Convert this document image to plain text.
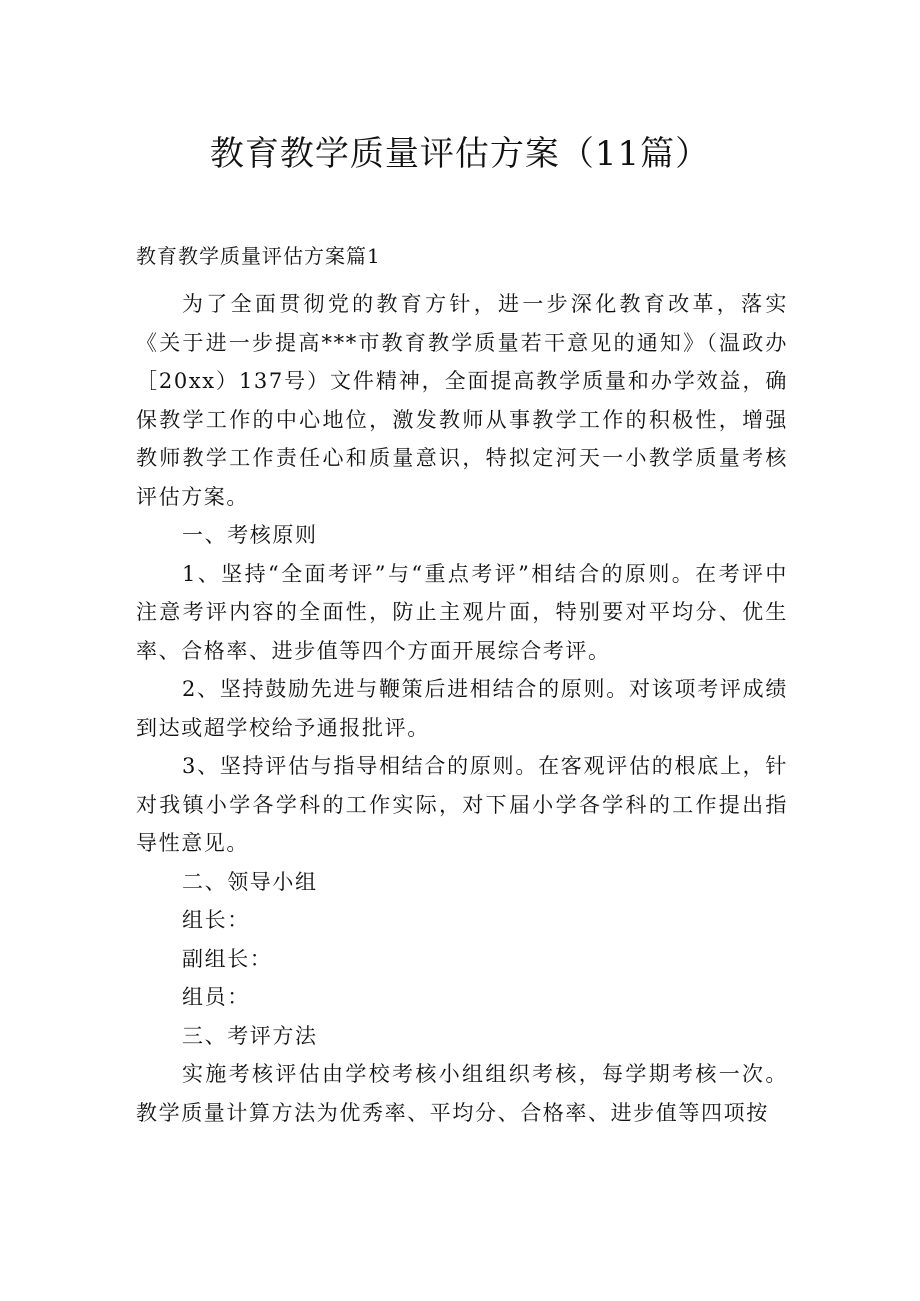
教育教学质量评估方案（11篇）
教育教学质量评估方案篇1

为了全面贯彻党的教育方针，进一步深化教育改革，落实《关于进一步提高***市教育教学质量若干意见的通知》（温政办［20xx）137号）文件精神，全面提高教学质量和办学效益，确保教学工作的中心地位，激发教师从事教学工作的积极性，增强教师教学工作责任心和质量意识，特拟定河天一小教学质量考核评估方案。

一、考核原则

1、坚持“全面考评”与“重点考评”相结合的原则。在考评中注意考评内容的全面性，防止主观片面，特别要对平均分、优生率、合格率、进步值等四个方面开展综合考评。

2、坚持鼓励先进与鞭策后进相结合的原则。对该项考评成绩到达或超学校给予通报批评。

3、坚持评估与指导相结合的原则。在客观评估的根底上，针对我镇小学各学科的工作实际，对下届小学各学科的工作提出指导性意见。

二、领导小组

组长：

副组长：

组员：

三、考评方法

实施考核评估由学校考核小组组织考核，每学期考核一次。教学质量计算方法为优秀率、平均分、合格率、进步值等四项按
